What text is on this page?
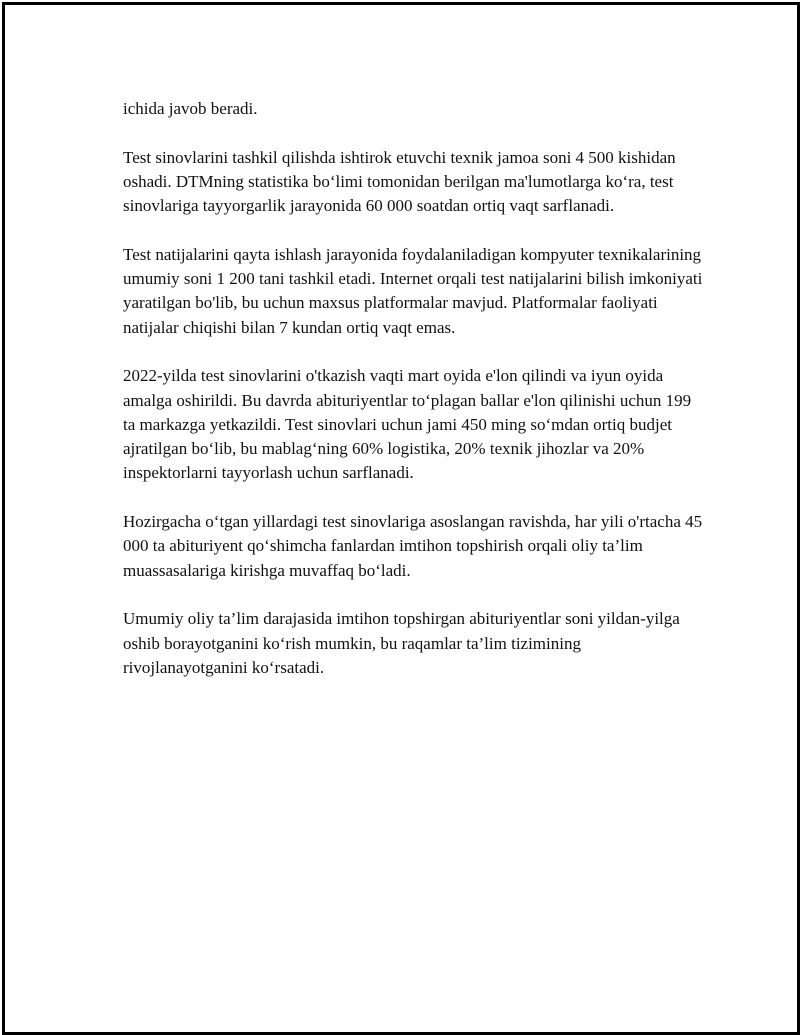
ichida javob beradi.

Test sinovlarini tashkil qilishda ishtirok etuvchi texnik jamoa soni 4 500 kishidan oshadi. DTMning statistika bo‘limi tomonidan berilgan ma'lumotlarga ko‘ra, test sinovlariga tayyorgarlik jarayonida 60 000 soatdan ortiq vaqt sarflanadi.

Test natijalarini qayta ishlash jarayonida foydalaniladigan kompyuter texnikalarining umumiy soni 1 200 tani tashkil etadi. Internet orqali test natijalarini bilish imkoniyati yaratilgan bo'lib, bu uchun maxsus platformalar mavjud. Platformalar faoliyati natijalar chiqishi bilan 7 kundan ortiq vaqt emas.

2022-yilda test sinovlarini o'tkazish vaqti mart oyida e'lon qilindi va iyun oyida amalga oshirildi. Bu davrda abituriyentlar to‘plagan ballar e'lon qilinishi uchun 199 ta markazga yetkazildi. Test sinovlari uchun jami 450 ming so‘mdan ortiq budjet ajratilgan bo‘lib, bu mablag‘ning 60% logistika, 20% texnik jihozlar va 20% inspektorlarni tayyorlash uchun sarflanadi.

Hozirgacha o‘tgan yillardagi test sinovlariga asoslangan ravishda, har yili o'rtacha 45 000 ta abituriyent qo‘shimcha fanlardan imtihon topshirish orqali oliy ta’lim muassasalariga kirishga muvaffaq bo‘ladi.

Umumiy oliy ta’lim darajasida imtihon topshirgan abituriyentlar soni yildan-yilga oshib borayotganini ko‘rish mumkin, bu raqamlar ta’lim tizimining rivojlanayotganini ko‘rsatadi.
